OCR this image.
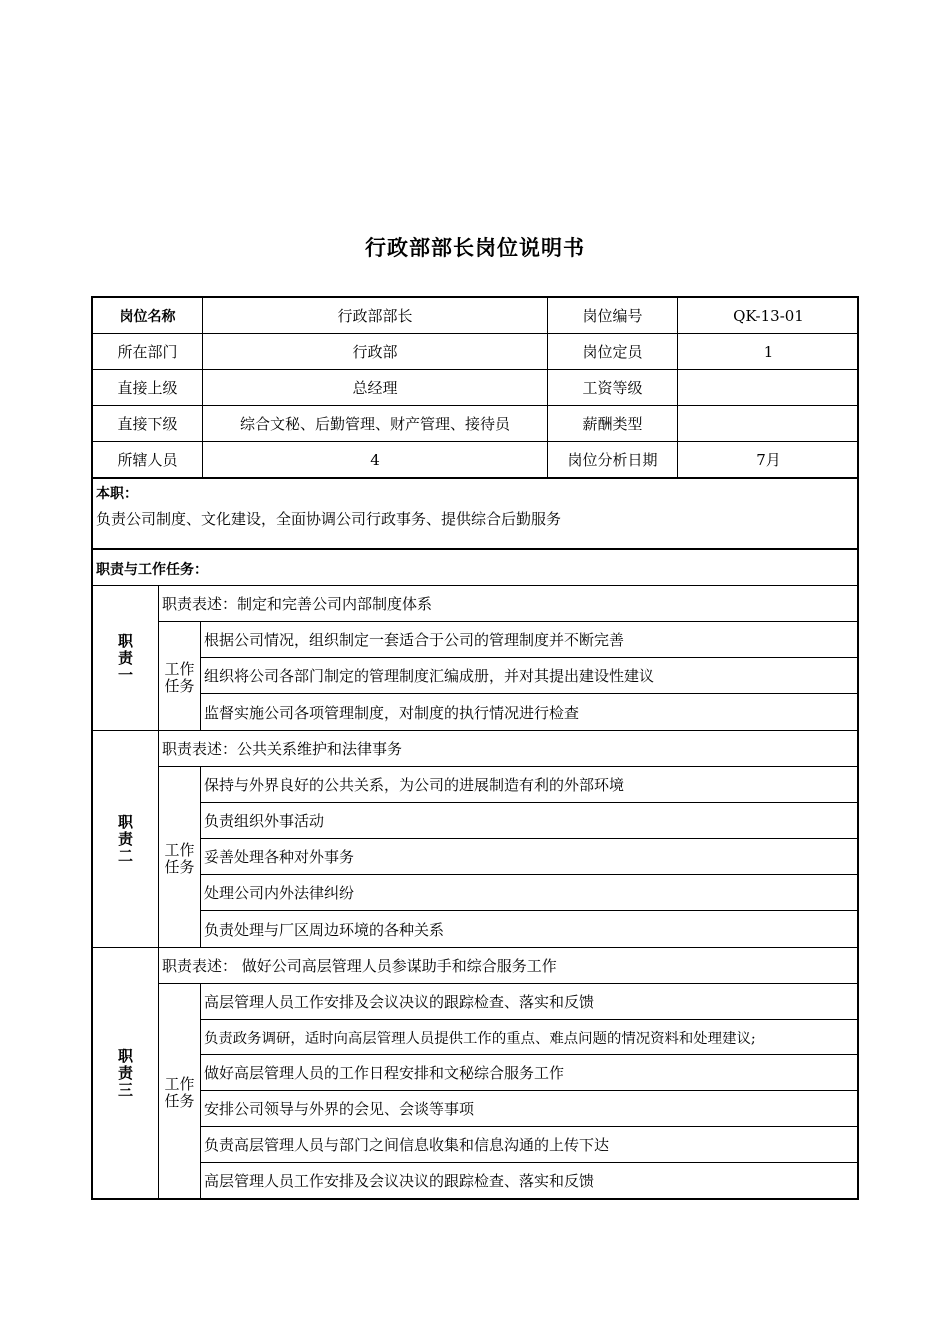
行政部部长岗位说明书
岗位名称	行政部部长	岗位编号	QK-13-01
所在部门	行政部	岗位定员	1
直接上级	总经理	工资等级
直接下级	综合文秘、后勤管理、财产管理、接待员	薪酬类型
所辖人员	4	岗位分析日期	7月
本职：
负责公司制度、文化建设，全面协调公司行政事务、提供综合后勤服务
职责与工作任务：
职责一
职责表述：制定和完善公司内部制度体系
工作任务
根据公司情况，组织制定一套适合于公司的管理制度并不断完善
组织将公司各部门制定的管理制度汇编成册，并对其提出建设性建议
监督实施公司各项管理制度，对制度的执行情况进行检查
职责二
职责表述：公共关系维护和法律事务
工作任务
保持与外界良好的公共关系，为公司的进展制造有利的外部环境
负责组织外事活动
妥善处理各种对外事务
处理公司内外法律纠纷
负责处理与厂区周边环境的各种关系
职责三
职责表述： 做好公司高层管理人员参谋助手和综合服务工作
工作任务
高层管理人员工作安排及会议决议的跟踪检查、落实和反馈
负责政务调研，适时向高层管理人员提供工作的重点、难点问题的情况资料和处理建议;
做好高层管理人员的工作日程安排和文秘综合服务工作
安排公司领导与外界的会见、会谈等事项
负责高层管理人员与部门之间信息收集和信息沟通的上传下达
高层管理人员工作安排及会议决议的跟踪检查、落实和反馈
